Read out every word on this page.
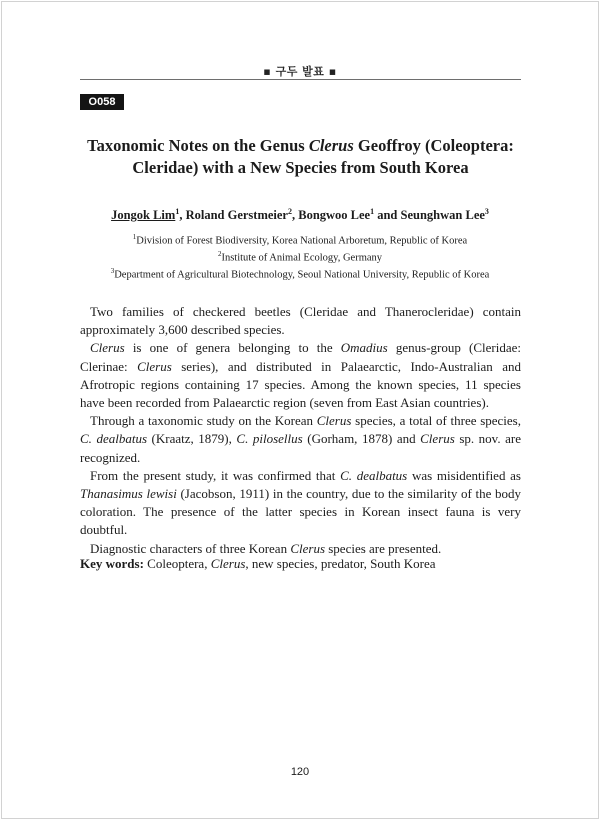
▪ 구두 발표 ▪
O058
Taxonomic Notes on the Genus Clerus Geoffroy (Coleoptera:
Cleridae) with a New Species from South Korea
Jongok Lim$^1$, Roland Gerstmeier$^2$, Bongwoo Lee$^1$ and Seunghwan Lee$^3$
$^1$Division of Forest Biodiversity, Korea National Arboretum, Republic of Korea
$^2$Institute of Animal Ecology, Germany
$^3$Department of Agricultural Biotechnology, Seoul National University, Republic of Korea

Two families of checkered beetles (Cleridae and Thanerocleridae) contain approximately 3,600 described species.

Clerus is one of genera belonging to the Omadius genus-group (Cleridae: Clerinae: Clerus series), and distributed in Palaearctic, Indo-Australian and Afrotropic regions containing 17 species. Among the known species, 11 species have been recorded from Palaearctic region (seven from East Asian countries).

Through a taxonomic study on the Korean Clerus species, a total of three species, C. dealbatus (Kraatz, 1879), C. pilosellus (Gorham, 1878) and Clerus sp. nov. are recognized.

From the present study, it was confirmed that C. dealbatus was misidentified as Thanasimus lewisi (Jacobson, 1911) in the country, due to the similarity of the body coloration. The presence of the latter species in Korean insect fauna is very doubtful.

Diagnostic characters of three Korean Clerus species are presented.

Key words: Coleoptera, Clerus, new species, predator, South Korea
120
